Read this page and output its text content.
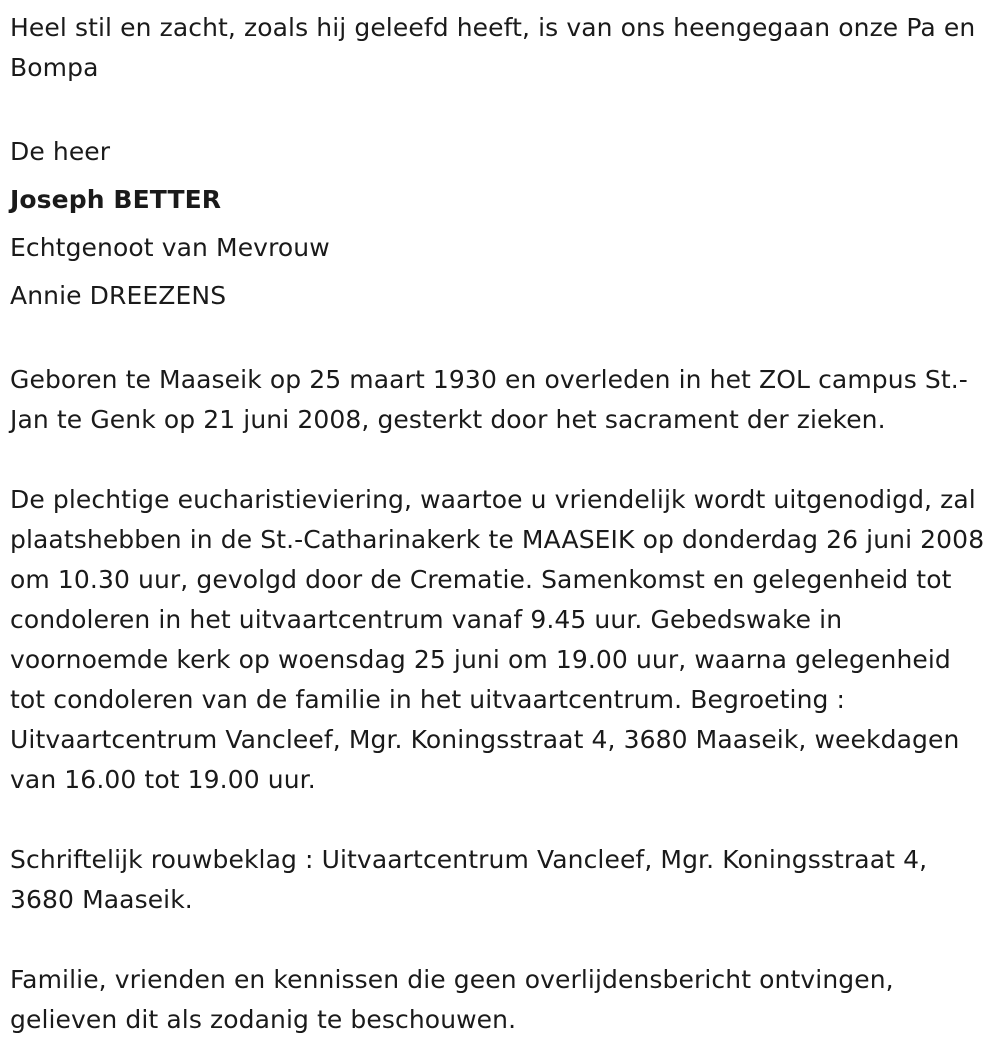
Heel stil en zacht, zoals hij geleefd heeft, is van ons heengegaan onze Pa en Bompa

De heer
Joseph BETTER
Echtgenoot van Mevrouw
Annie DREEZENS

Geboren te Maaseik op 25 maart 1930 en overleden in het ZOL campus St.-Jan te Genk op 21 juni 2008, gesterkt door het sacrament der zieken.

De plechtige eucharistieviering, waartoe u vriendelijk wordt uitgenodigd, zal plaatshebben in de St.-Catharinakerk te MAASEIK op donderdag 26 juni 2008 om 10.30 uur, gevolgd door de Crematie. Samenkomst en gelegenheid tot condoleren in het uitvaartcentrum vanaf 9.45 uur. Gebedswake in voornoemde kerk op woensdag 25 juni om 19.00 uur, waarna gelegenheid tot condoleren van de familie in het uitvaartcentrum. Begroeting : Uitvaartcentrum Vancleef, Mgr. Koningsstraat 4, 3680 Maaseik, weekdagen van 16.00 tot 19.00 uur.

Schriftelijk rouwbeklag : Uitvaartcentrum Vancleef, Mgr. Koningsstraat 4, 3680 Maaseik.

Familie, vrienden en kennissen die geen overlijdensbericht ontvingen, gelieven dit als zodanig te beschouwen.
